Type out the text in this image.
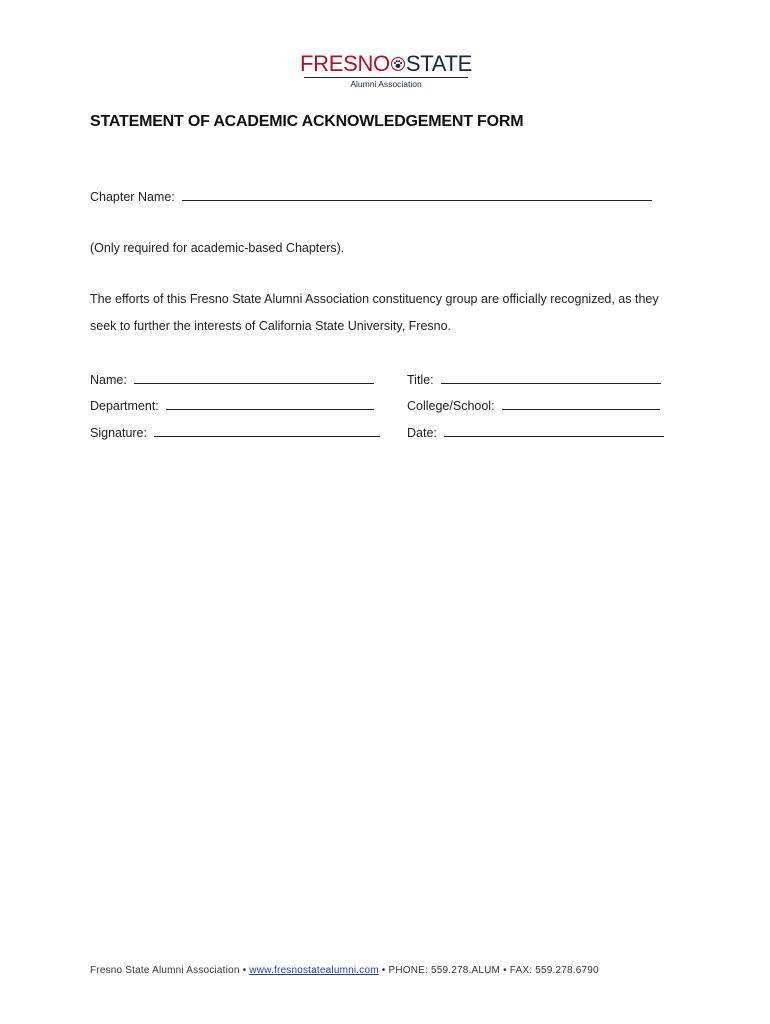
FRESNO STATE
Alumni Association
STATEMENT OF ACADEMIC ACKNOWLEDGEMENT FORM
Chapter Name:
(Only required for academic-based Chapters).
The efforts of this Fresno State Alumni Association constituency group are officially recognized, as they
seek to further the interests of California State University, Fresno.
Name:	Title:
Department:	College/School:
Signature:	Date:
Fresno State Alumni Association • www.fresnostatealumni.com • PHONE: 559.278.ALUM • FAX: 559.278.6790
